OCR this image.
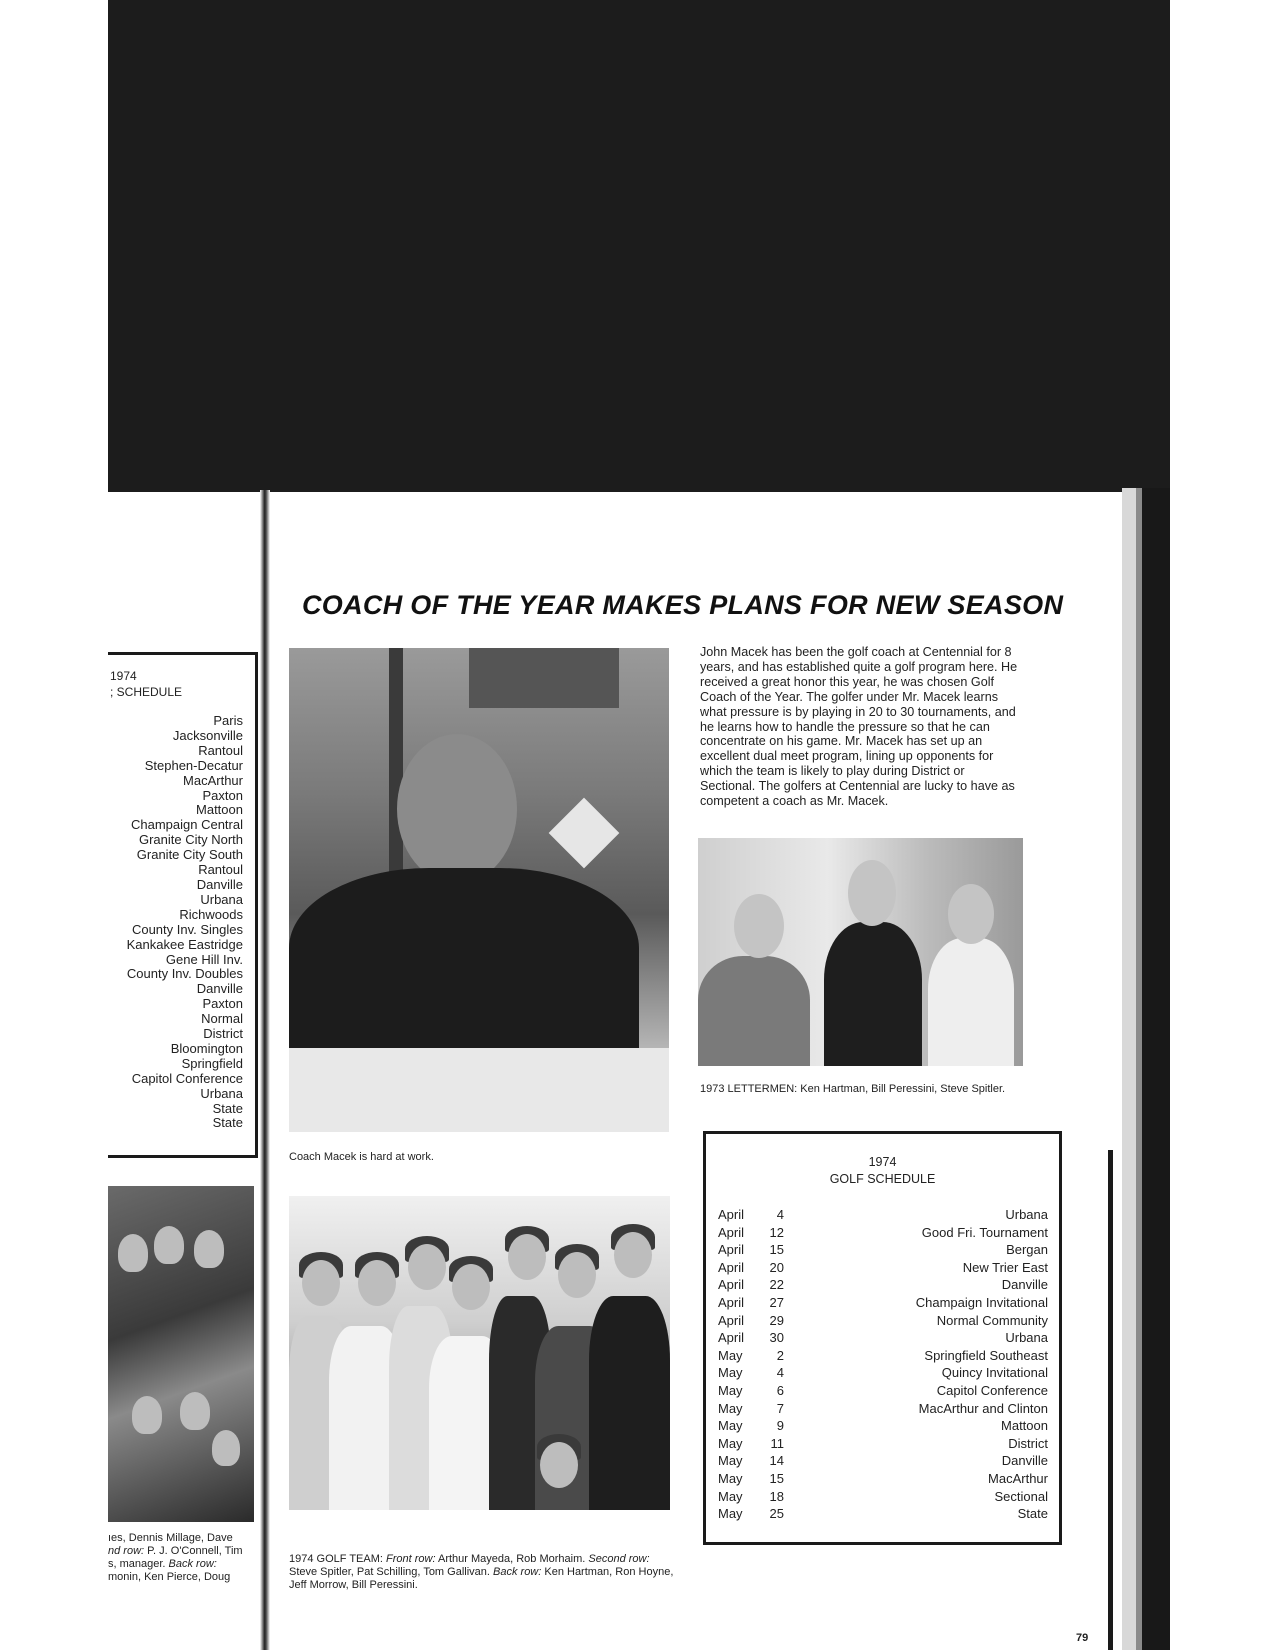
1974
; SCHEDULE
Paris
Jacksonville
Rantoul
Stephen-Decatur
MacArthur
Paxton
Mattoon
Champaign Central
Granite City North
Granite City South
Rantoul
Danville
Urbana
Richwoods
County Inv. Singles
Kankakee Eastridge
Gene Hill Inv.
County Inv. Doubles
Danville
Paxton
Normal
District
Bloomington
Springfield
Capitol Conference
Urbana
State
State
ıes, Dennis Millage, Dave
nd row: P. J. O'Connell, Tim
s, manager. Back row:
monin, Ken Pierce, Doug
COACH OF THE YEAR MAKES PLANS FOR NEW SEASON
Coach Macek is hard at work.
John Macek has been the golf coach at Centennial for 8 years, and has established quite a golf program here. He received a great honor this year, he was chosen Golf Coach of the Year. The golfer under Mr. Macek learns what pressure is by playing in 20 to 30 tournaments, and he learns how to handle the pressure so that he can concentrate on his game. Mr. Macek has set up an excellent dual meet program, lining up opponents for which the team is likely to play during District or Sectional. The golfers at Centennial are lucky to have as competent a coach as Mr. Macek.
1973 LETTERMEN: Ken Hartman, Bill Peressini, Steve Spitler.
1974 GOLF TEAM: Front row: Arthur Mayeda, Rob Morhaim. Second row: Steve Spitler, Pat Schilling, Tom Gallivan. Back row: Ken Hartman, Ron Hoyne, Jeff Morrow, Bill Peressini.
1974
GOLF SCHEDULE
April	4	Urbana
April	12	Good Fri. Tournament
April	15	Bergan
April	20	New Trier East
April	22	Danville
April	27	Champaign Invitational
April	29	Normal Community
April	30	Urbana
May	2	Springfield Southeast
May	4	Quincy Invitational
May	6	Capitol Conference
May	7	MacArthur and Clinton
May	9	Mattoon
May	11	District
May	14	Danville
May	15	MacArthur
May	18	Sectional
May	25	State
79
